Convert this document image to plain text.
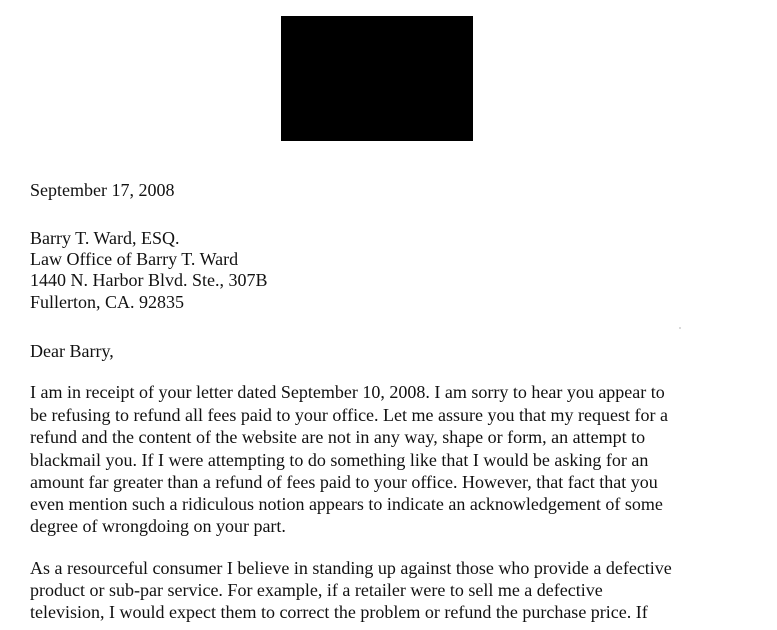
September 17, 2008
Barry T. Ward, ESQ.
Law Office of Barry T. Ward
1440 N. Harbor Blvd. Ste., 307B
Fullerton, CA. 92835
Dear Barry,
I am in receipt of your letter dated September 10, 2008. I am sorry to hear you appear to
be refusing to refund all fees paid to your office. Let me assure you that my request for a
refund and the content of the website are not in any way, shape or form, an attempt to
blackmail you. If I were attempting to do something like that I would be asking for an
amount far greater than a refund of fees paid to your office. However, that fact that you
even mention such a ridiculous notion appears to indicate an acknowledgement of some
degree of wrongdoing on your part.
As a resourceful consumer I believe in standing up against those who provide a defective
product or sub-par service. For example, if a retailer were to sell me a defective
television, I would expect them to correct the problem or refund the purchase price. If
